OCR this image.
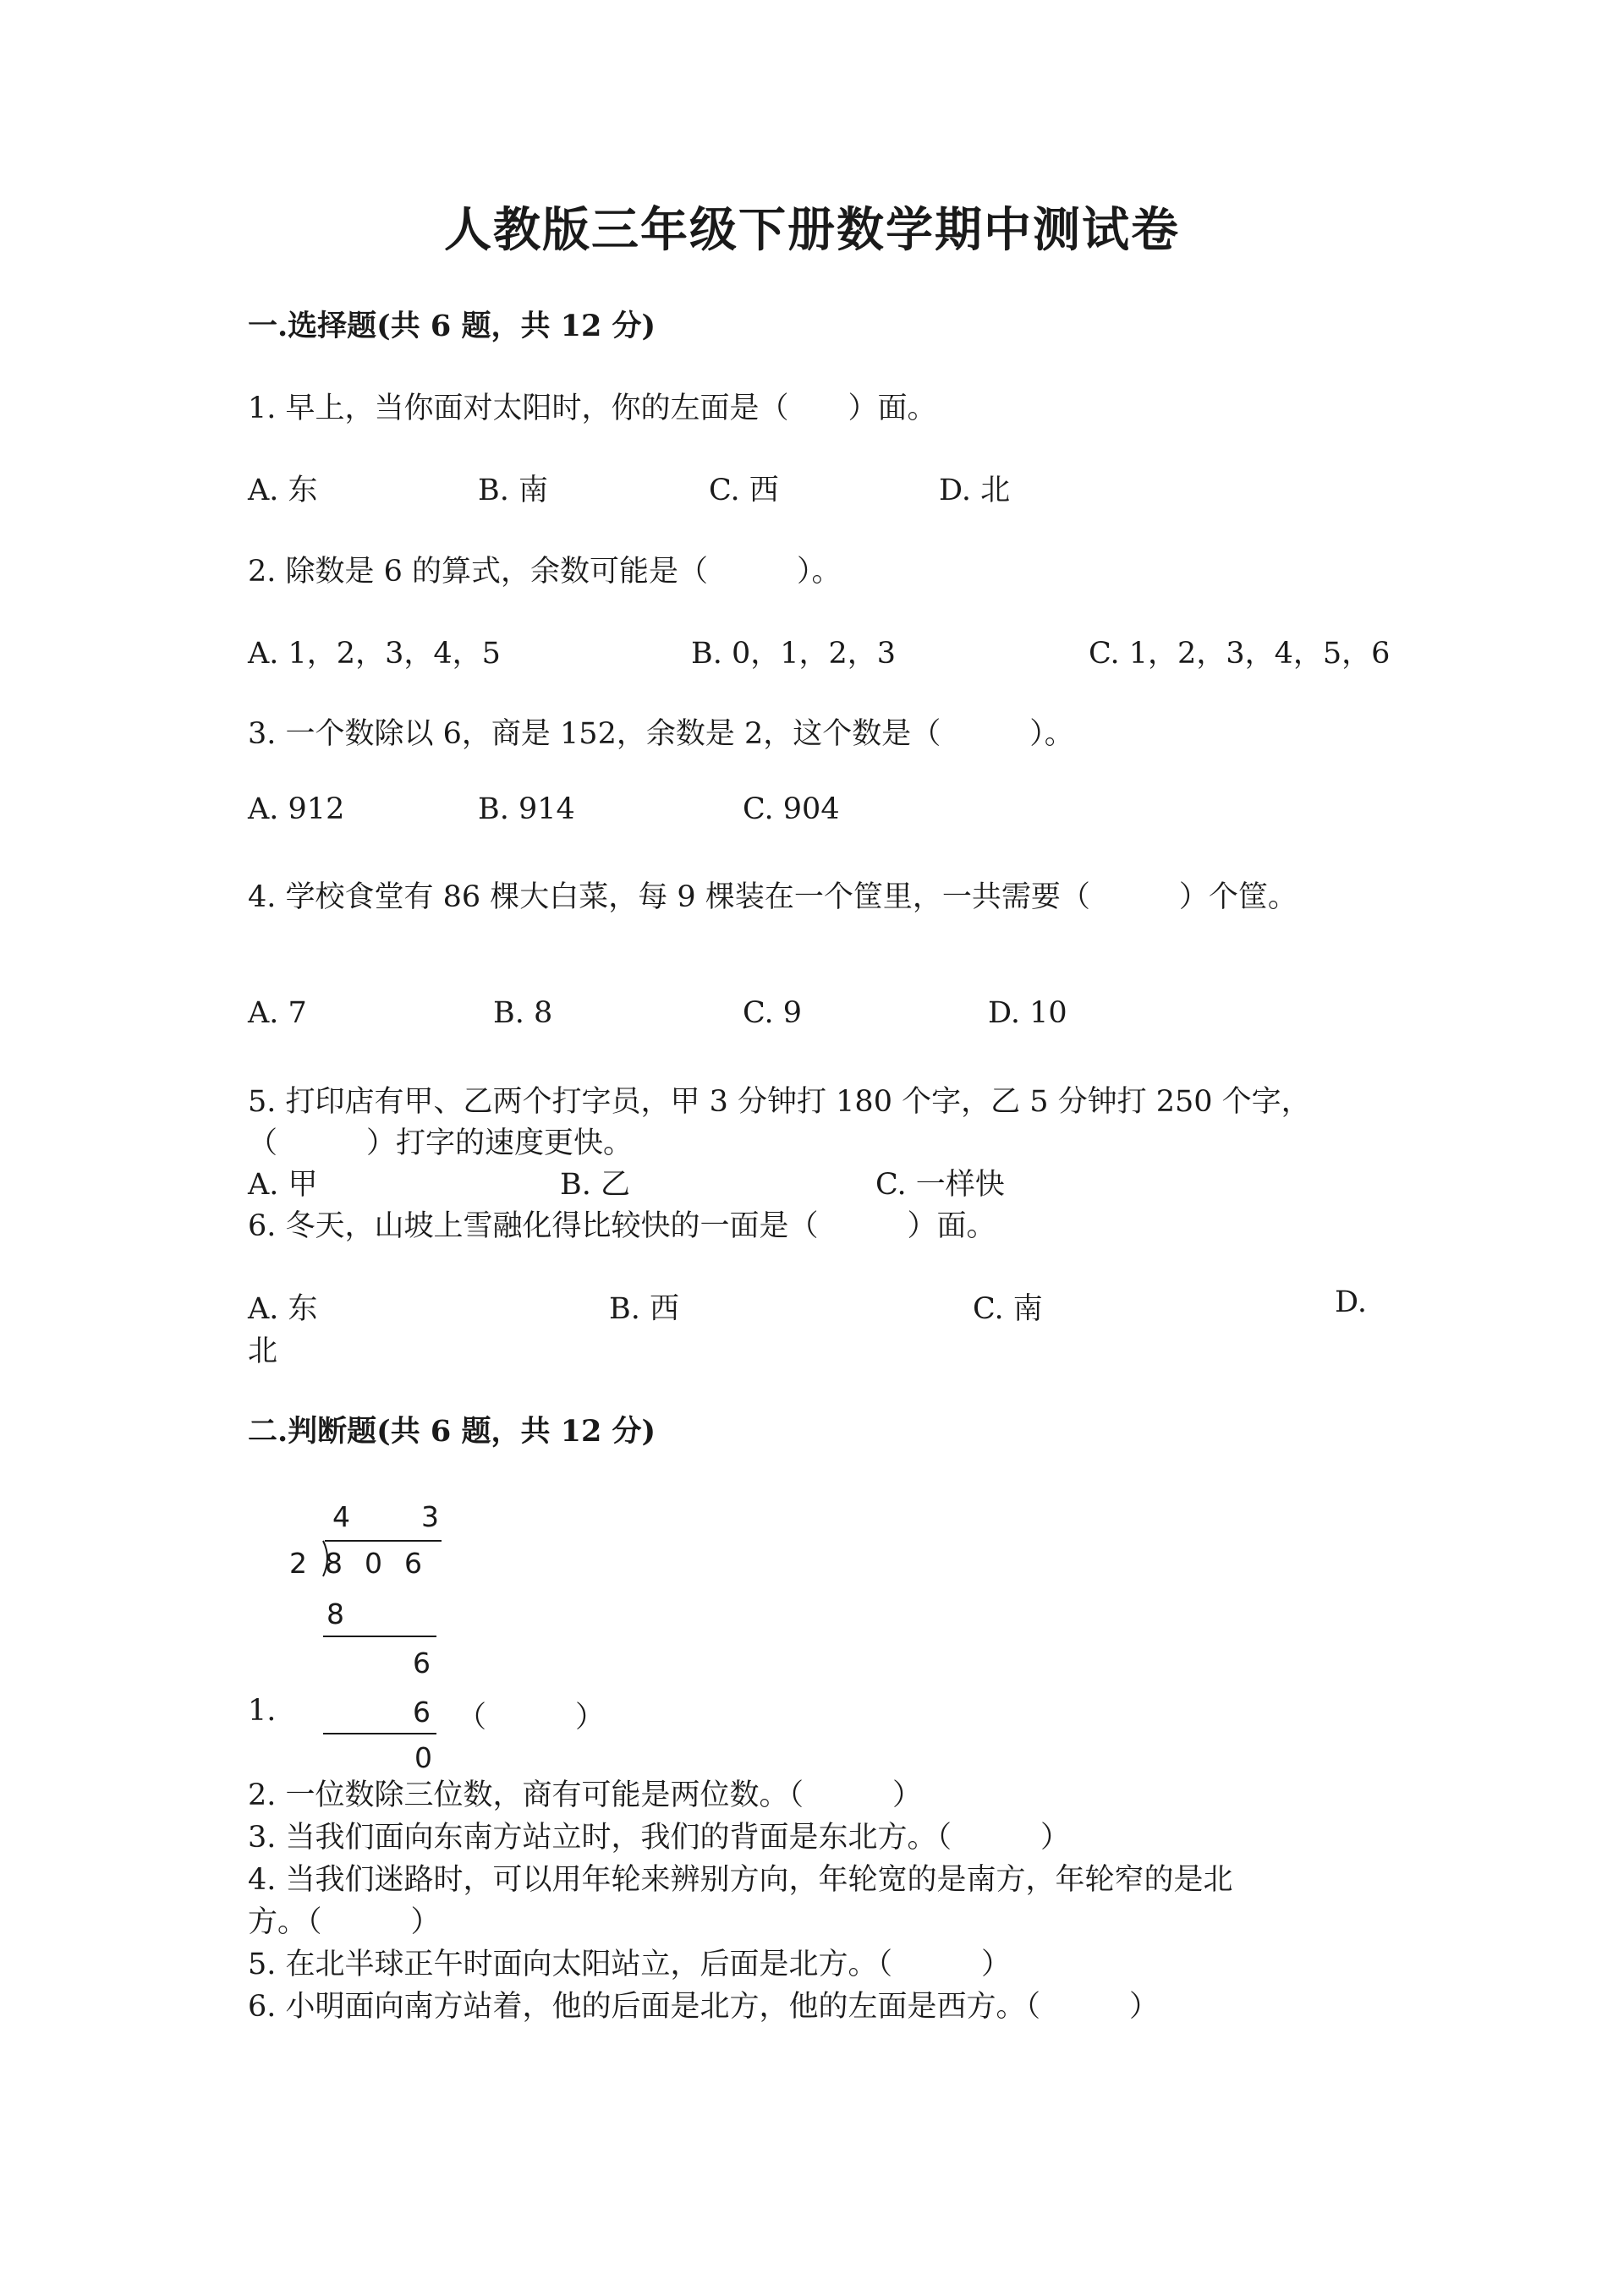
人教版三年级下册数学期中测试卷
一.选择题(共 6 题，共 12 分)
1. 早上，当你面对太阳时，你的左面是（　　）面。
A. 东	B. 南	C. 西	D. 北
2. 除数是 6 的算式，余数可能是（　　　）。
A. 1，2，3，4，5	B. 0，1，2，3	C. 1，2，3，4，5，6
3. 一个数除以 6，商是 152，余数是 2，这个数是（　　　）。
A. 912	B. 914	C. 904
4. 学校食堂有 86 棵大白菜，每 9 棵装在一个筐里，一共需要（　　　）个筐。
A. 7	B. 8	C. 9	D. 10
5. 打印店有甲、乙两个打字员，甲 3 分钟打 180 个字，乙 5 分钟打 250 个字，
（　　　）打字的速度更快。
A. 甲	B. 乙	C. 一样快
6. 冬天，山坡上雪融化得比较快的一面是（　　　）面。
A. 东	B. 西	C. 南	D.
北
二.判断题(共 6 题，共 12 分)
4	3
2 8 0 6
8
6
6
0
1.	（　　　）
2. 一位数除三位数，商有可能是两位数。（　　　）
3. 当我们面向东南方站立时，我们的背面是东北方。（　　　）
4. 当我们迷路时，可以用年轮来辨别方向，年轮宽的是南方，年轮窄的是北
方。（　　　）
5. 在北半球正午时面向太阳站立，后面是北方。（　　　）
6. 小明面向南方站着，他的后面是北方，他的左面是西方。（　　　）
